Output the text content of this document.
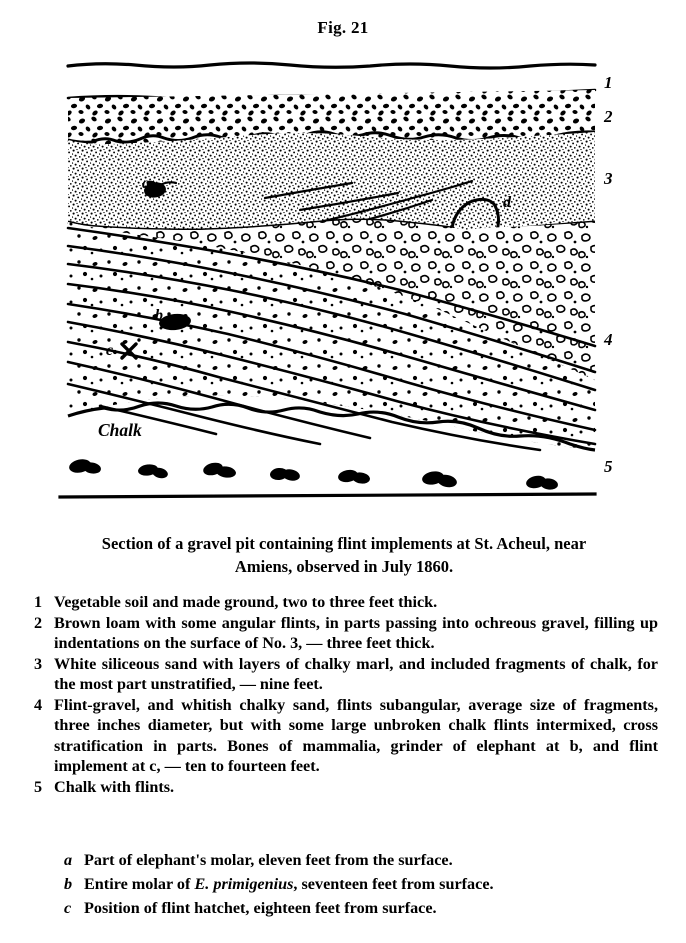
Fig. 21
1
2
3
4
5
a
d
b
c
Chalk
Section of a gravel pit containing flint implements at St. Acheul, near
Amiens, observed in July 1860.
1 Vegetable soil and made ground, two to three feet thick.
2 Brown loam with some angular flints, in parts passing into ochreous gravel, filling up indentations on the surface of No. 3, — three feet thick.
3 White siliceous sand with layers of chalky marl, and included fragments of chalk, for the most part unstratified, — nine feet.
4 Flint-gravel, and whitish chalky sand, flints subangular, average size of fragments, three inches diameter, but with some large unbroken chalk flints intermixed, cross stratification in parts. Bones of mammalia, grinder of elephant at b, and flint implement at c, — ten to fourteen feet.
5 Chalk with flints.
a Part of elephant's molar, eleven feet from the surface.
b Entire molar of E. primigenius, seventeen feet from surface.
c Position of flint hatchet, eighteen feet from surface.
